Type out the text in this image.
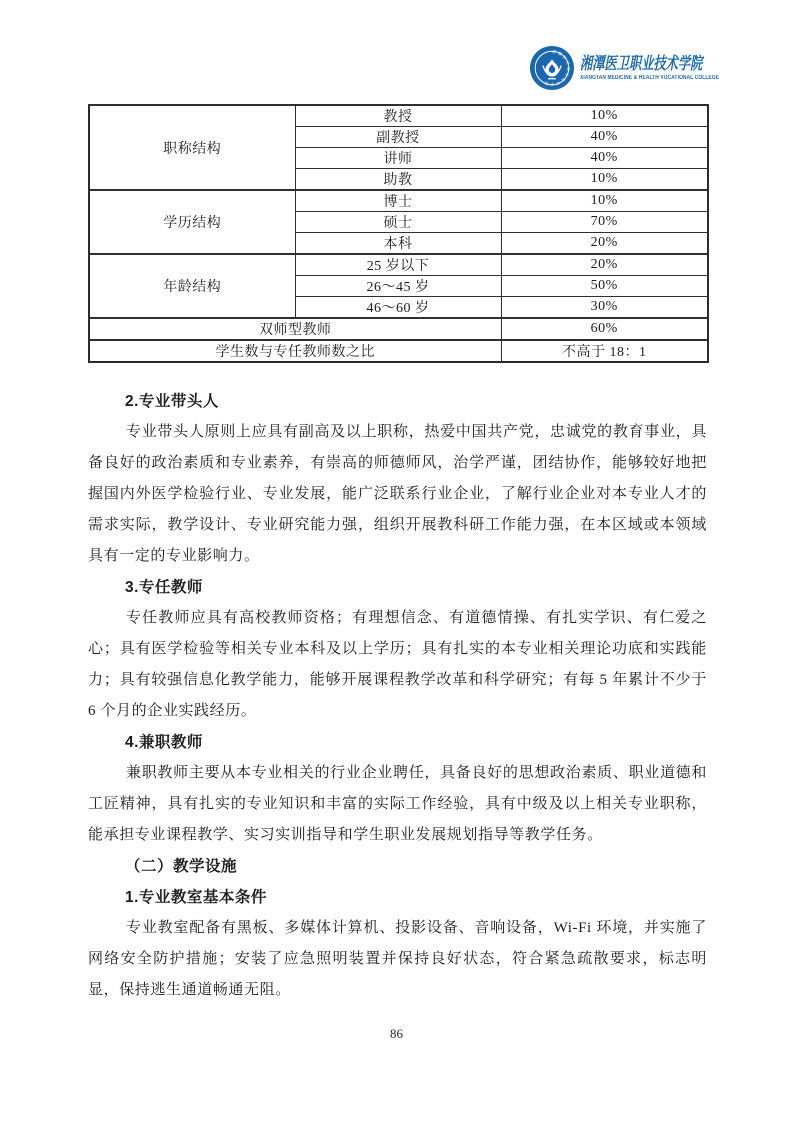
湘潭医卫职业技术学院
湘潭医卫职业技术学院
XIANGTAN MEDICINE & HEALTH VOCATIONAL COLLEGE
职称结构	教授	10%
	副教授	40%
	讲师	40%
	助教	10%
学历结构	博士	10%
	硕士	70%
	本科	20%
年龄结构	25 岁以下	20%
	26～45 岁	50%
	46～60 岁	30%
双师型教师		60%
学生数与专任教师数之比		不高于 18：1
2.专业带头人

专业带头人原则上应具有副高及以上职称，热爱中国共产党，忠诚党的教育事业，具备良好的政治素质和专业素养，有崇高的师德师风，治学严谨，团结协作，能够较好地把握国内外医学检验行业、专业发展，能广泛联系行业企业，了解行业企业对本专业人才的需求实际，教学设计、专业研究能力强，组织开展教科研工作能力强，在本区域或本领域具有一定的专业影响力。

3.专任教师

专任教师应具有高校教师资格；有理想信念、有道德情操、有扎实学识、有仁爱之心；具有医学检验等相关专业本科及以上学历；具有扎实的本专业相关理论功底和实践能力；具有较强信息化教学能力，能够开展课程教学改革和科学研究；有每 5 年累计不少于 6 个月的企业实践经历。

4.兼职教师

兼职教师主要从本专业相关的行业企业聘任，具备良好的思想政治素质、职业道德和工匠精神，具有扎实的专业知识和丰富的实际工作经验，具有中级及以上相关专业职称，能承担专业课程教学、实习实训指导和学生职业发展规划指导等教学任务。

（二）教学设施
1.专业教室基本条件

专业教室配备有黑板、多媒体计算机、投影设备、音响设备，Wi-Fi 环境，并实施了网络安全防护措施；安装了应急照明装置并保持良好状态，符合紧急疏散要求，标志明显，保持逃生通道畅通无阻。

86
